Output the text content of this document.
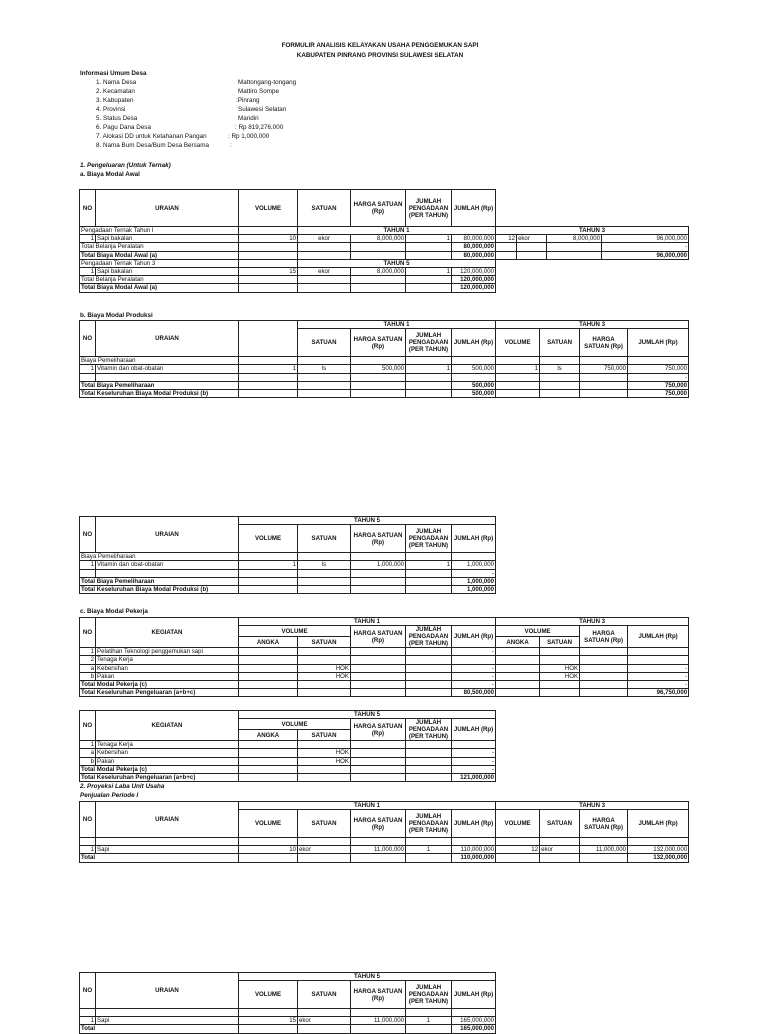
FORMULIR ANALISIS KELAYAKAN USAHA PENGGEMUKAN SAPI
KABUPATEN PINRANG PROVINSI SULAWESI SELATAN
Informasi Umum Desa
1. Nama Desa	Mattongang-tongang
2. Kecamatan	Mattiro Sompe
3. Kabupaten	:Pinrang
4. Provinsi	Sulawesi Selatan
5. Status Desa	Mandiri
6. Pagu Dana Desa	: Rp 819,276,000
7. Alokasi DD untuk Ketahanan Pangan	: Rp 1,000,000
8. Nama Bum Desa/Bum Desa Bersama	:
1. Pengeluaran (Untuk Ternak)
a. Biaya Modal Awal
NO	URAIAN	VOLUME	SATUAN	HARGA SATUAN (Rp)	JUMLAH PENGADAAN (PER TAHUN)	JUMLAH (Rp)				
Pengadaan Ternak Tahun I			TAHUN 1				TAHUN 3			
1	Sapi bakalan	10	ekor	8,000,000	1	80,000,000	12	ekor	8,000,000	96,000,000
Total Belanja Peralatan						80,000,000				-
Total Biaya Modal Awal (a)						80,000,000				96,000,000
Pengadaan Ternak Tahun 3			TAHUN 5							
1	Sapi bakalan	15	ekor	8,000,000	1	120,000,000				
Total Belanja Peralatan						120,000,000				
Total Biaya Modal Awal (a)						120,000,000				
b. Biaya Modal Produksi
NO	URAIAN		TAHUN 1				TAHUN 3			
			SATUAN	HARGA SATUAN (Rp)	JUMLAH PENGADAAN (PER TAHUN)	JUMLAH (Rp)	VOLUME	SATUAN	HARGA SATUAN (Rp)	JUMLAH (Rp)
Biaya Pemeliharaan										
1	Vitamin dan obat-obatan	1	ls	500,000	1	500,000	1	ls	750,000	750,000
										-
Total Biaya Pemeliharaan						500,000				750,000
Total Keseluruhan Biaya Modal Produksi (b)						500,000				750,000
NO	URAIAN	TAHUN 5				
		VOLUME	SATUAN	HARGA SATUAN (Rp)	JUMLAH PENGADAAN (PER TAHUN)	JUMLAH (Rp)
Biaya Pemeliharaan						
1	Vitamin dan obat-obatan	1	ls	1,000,000	1	1,000,000
						-
Total Biaya Pemeliharaan						1,000,000
Total Keseluruhan Biaya Modal Produksi (b)						1,000,000
c. Biaya Modal Pekerja
NO	KEGIATAN	TAHUN 1					TAHUN 3			
		VOLUME		HARGA SATUAN (Rp)	JUMLAH PENGADAAN (PER TAHUN)	JUMLAH (Rp)	VOLUME		HARGA SATUAN (Rp)	JUMLAH (Rp)
		ANGKA	SATUAN				ANGKA	SATUAN		
1	Pelatihan Teknologi penggemukan sapi					-				
2	Tenaga Kerja									
a	Kebersihan		HOK			-		HOK		-
b	Pakan		HOK			-		HOK		-
Total Modal Pekerja (c)						-				-
Total Keseluruhan Pengeluaran (a+b+c)						80,500,000				96,750,000
NO	KEGIATAN	TAHUN 5				
		VOLUME		HARGA SATUAN (Rp)	JUMLAH PENGADAAN (PER TAHUN)	JUMLAH (Rp)
		ANGKA	SATUAN			
1	Tenaga Kerja					
a	Kebersihan		HOK			-
b	Pakan		HOK			-
Total Modal Pekerja (c)						-
Total Keseluruhan Pengeluaran (a+b+c)						121,000,000
2. Proyeksi Laba Unit Usaha
Penjualan Periode I
NO	URAIAN	TAHUN 1					TAHUN 3			
		VOLUME	SATUAN	HARGA SATUAN (Rp)	JUMLAH PENGADAAN (PER TAHUN)	JUMLAH (Rp)	VOLUME	SATUAN	HARGA SATUAN (Rp)	JUMLAH (Rp)

1	Sapi	10	ekor	11,000,000	1	110,000,000	12	ekor	11,000,000	132,000,000
Total						110,000,000				132,000,000
NO	URAIAN	TAHUN 5				
		VOLUME	SATUAN	HARGA SATUAN (Rp)	JUMLAH PENGADAAN (PER TAHUN)	JUMLAH (Rp)

1	Sapi	15	ekor	11,000,000	1	165,000,000
Total						165,000,000
